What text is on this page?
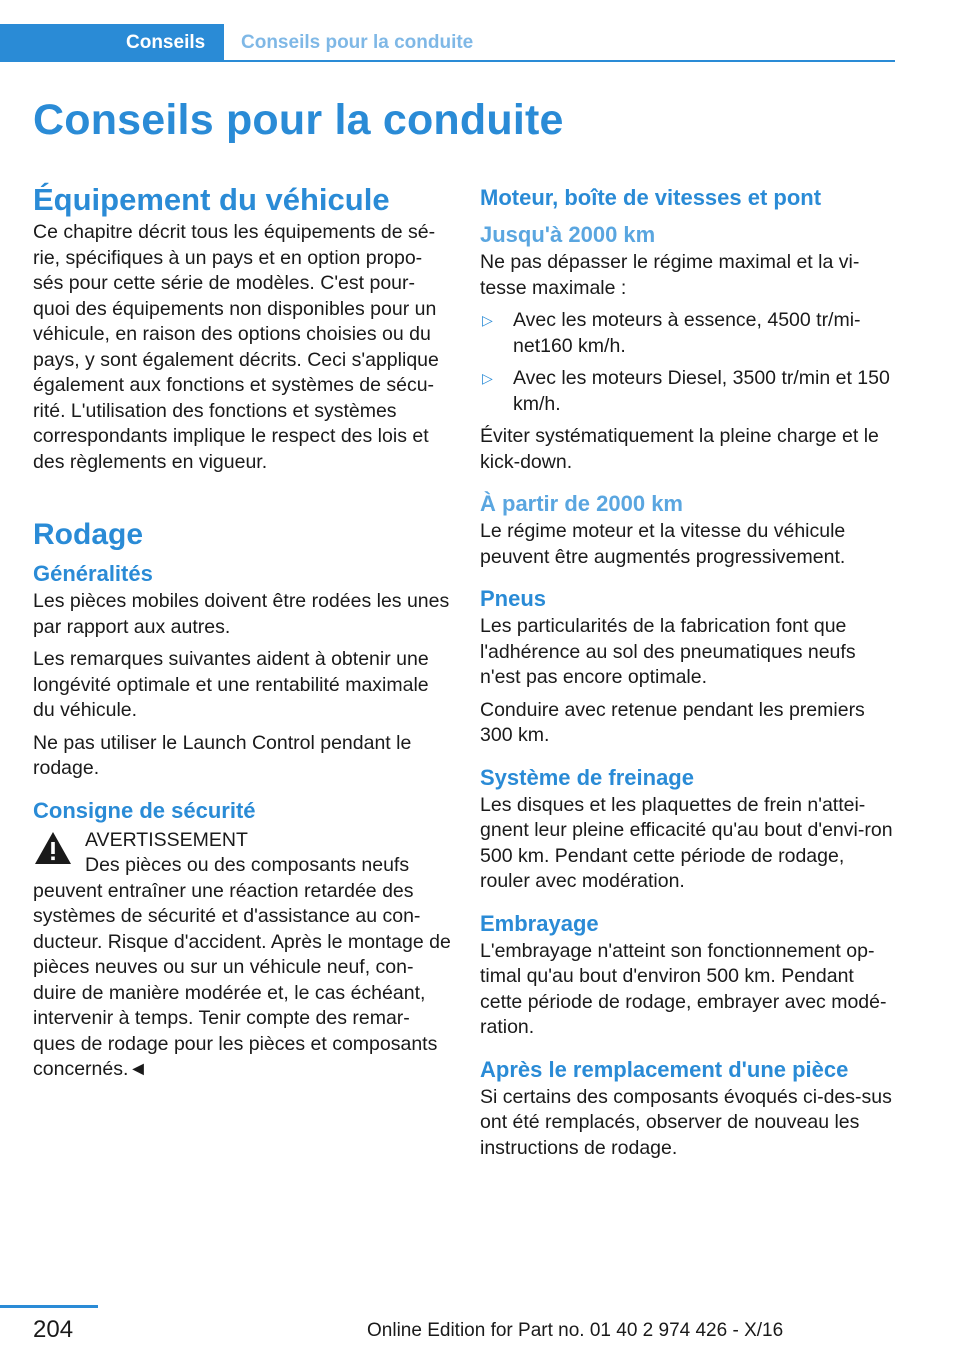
Conseils	Conseils pour la conduite
Conseils pour la conduite
Équipement du véhicule

Ce chapitre décrit tous les équipements de sé-rie, spécifiques à un pays et en option propo-sés pour cette série de modèles. C'est pour-quoi des équipements non disponibles pour un véhicule, en raison des options choisies ou du pays, y sont également décrits. Ceci s'applique également aux fonctions et systèmes de sécu-rité. L'utilisation des fonctions et systèmes correspondants implique le respect des lois et des règlements en vigueur.

Rodage
Généralités

Les pièces mobiles doivent être rodées les unes par rapport aux autres.

Les remarques suivantes aident à obtenir une longévité optimale et une rentabilité maximale du véhicule.

Ne pas utiliser le Launch Control pendant le rodage.

Consigne de sécurité
AVERTISSEMENT

Des pièces ou des composants neufs peuvent entraîner une réaction retardée des systèmes de sécurité et d'assistance au con-ducteur. Risque d'accident. Après le montage de pièces neuves ou sur un véhicule neuf, con-duire de manière modérée et, le cas échéant, intervenir à temps. Tenir compte des remar-ques de rodage pour les pièces et composants concernés.◄

Moteur, boîte de vitesses et pont
Jusqu'à 2000 km

Ne pas dépasser le régime maximal et la vi-tesse maximale :

▷ Avec les moteurs à essence, 4500 tr/mi-net160 km/h.
▷ Avec les moteurs Diesel, 3500 tr/min et 150 km/h.

Éviter systématiquement la pleine charge et le kick-down.

À partir de 2000 km

Le régime moteur et la vitesse du véhicule peuvent être augmentés progressivement.

Pneus

Les particularités de la fabrication font que l'adhérence au sol des pneumatiques neufs n'est pas encore optimale.

Conduire avec retenue pendant les premiers 300 km.

Système de freinage

Les disques et les plaquettes de frein n'attei-gnent leur pleine efficacité qu'au bout d'envi-ron 500 km. Pendant cette période de rodage, rouler avec modération.

Embrayage

L'embrayage n'atteint son fonctionnement op-timal qu'au bout d'environ 500 km. Pendant cette période de rodage, embrayer avec modé-ration.

Après le remplacement d'une pièce

Si certains des composants évoqués ci-des-sus ont été remplacés, observer de nouveau les instructions de rodage.

204	Online Edition for Part no. 01 40 2 974 426 - X/16
